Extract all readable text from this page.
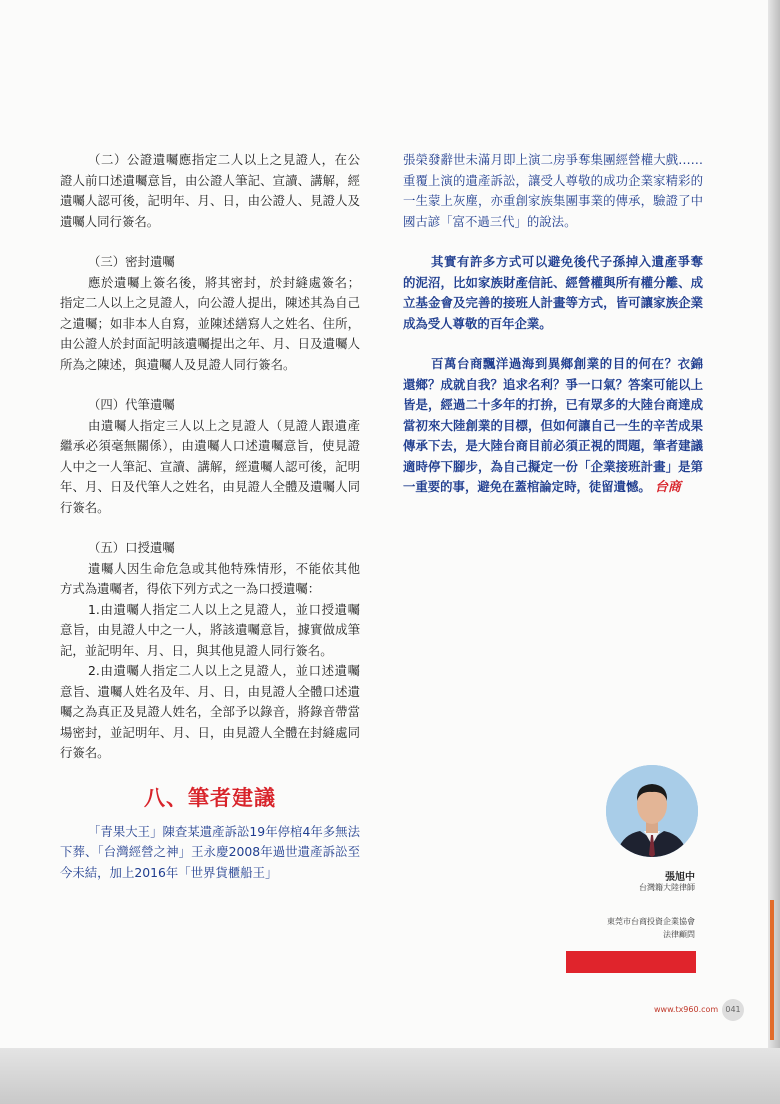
（二）公證遺囑應指定二人以上之見證人，在公證人前口述遺囑意旨，由公證人筆記、宣讀、講解，經遺囑人認可後，記明年、月、日，由公證人、見證人及遺囑人同行簽名。

（三）密封遺囑

應於遺囑上簽名後，將其密封，於封縫處簽名；指定二人以上之見證人，向公證人提出，陳述其為自己之遺囑；如非本人自寫，並陳述繕寫人之姓名、住所，由公證人於封面記明該遺囑提出之年、月、日及遺囑人所為之陳述，與遺囑人及見證人同行簽名。

（四）代筆遺囑

由遺囑人指定三人以上之見證人（見證人跟遺產繼承必須毫無關係），由遺囑人口述遺囑意旨，使見證人中之一人筆記、宣讀、講解，經遺囑人認可後，記明年、月、日及代筆人之姓名，由見證人全體及遺囑人同行簽名。

（五）口授遺囑

遺囑人因生命危急或其他特殊情形，不能依其他方式為遺囑者，得依下列方式之一為口授遺囑：

1.由遺囑人指定二人以上之見證人，並口授遺囑意旨，由見證人中之一人，將該遺囑意旨，據實做成筆記，並記明年、月、日，與其他見證人同行簽名。

2.由遺囑人指定二人以上之見證人，並口述遺囑意旨、遺囑人姓名及年、月、日，由見證人全體口述遺囑之為真正及見證人姓名，全部予以錄音，將錄音帶當場密封，並記明年、月、日，由見證人全體在封縫處同行簽名。

八、筆者建議

「青果大王」陳查某遺產訴訟19年停棺4年多無法下葬、「台灣經營之神」王永慶2008年過世遺產訴訟至今未結，加上2016年「世界貨櫃船王」

張榮發辭世未滿月即上演二房爭奪集團經營權大戲……重覆上演的遺產訴訟，讓受人尊敬的成功企業家精彩的一生蒙上灰塵，亦重創家族集團事業的傳承，驗證了中國古諺「富不過三代」的說法。

其實有許多方式可以避免後代子孫掉入遺產爭奪的泥沼，比如家族財產信託、經營權與所有權分離、成立基金會及完善的接班人計畫等方式，皆可讓家族企業成為受人尊敬的百年企業。

百萬台商飄洋過海到異鄉創業的目的何在？衣錦還鄉？成就自我？追求名利？爭一口氣？答案可能以上皆是，經過二十多年的打拚，已有眾多的大陸台商達成當初來大陸創業的目標，但如何讓自己一生的辛苦成果傳承下去，是大陸台商目前必須正視的問題，筆者建議適時停下腳步，為自己擬定一份「企業接班計畫」是第一重要的事，避免在蓋棺論定時，徒留遺憾。 台商

張旭中
台灣籍大陸律師
東莞市台商投資企業協會
法律顧問
www.tx960.com 041
